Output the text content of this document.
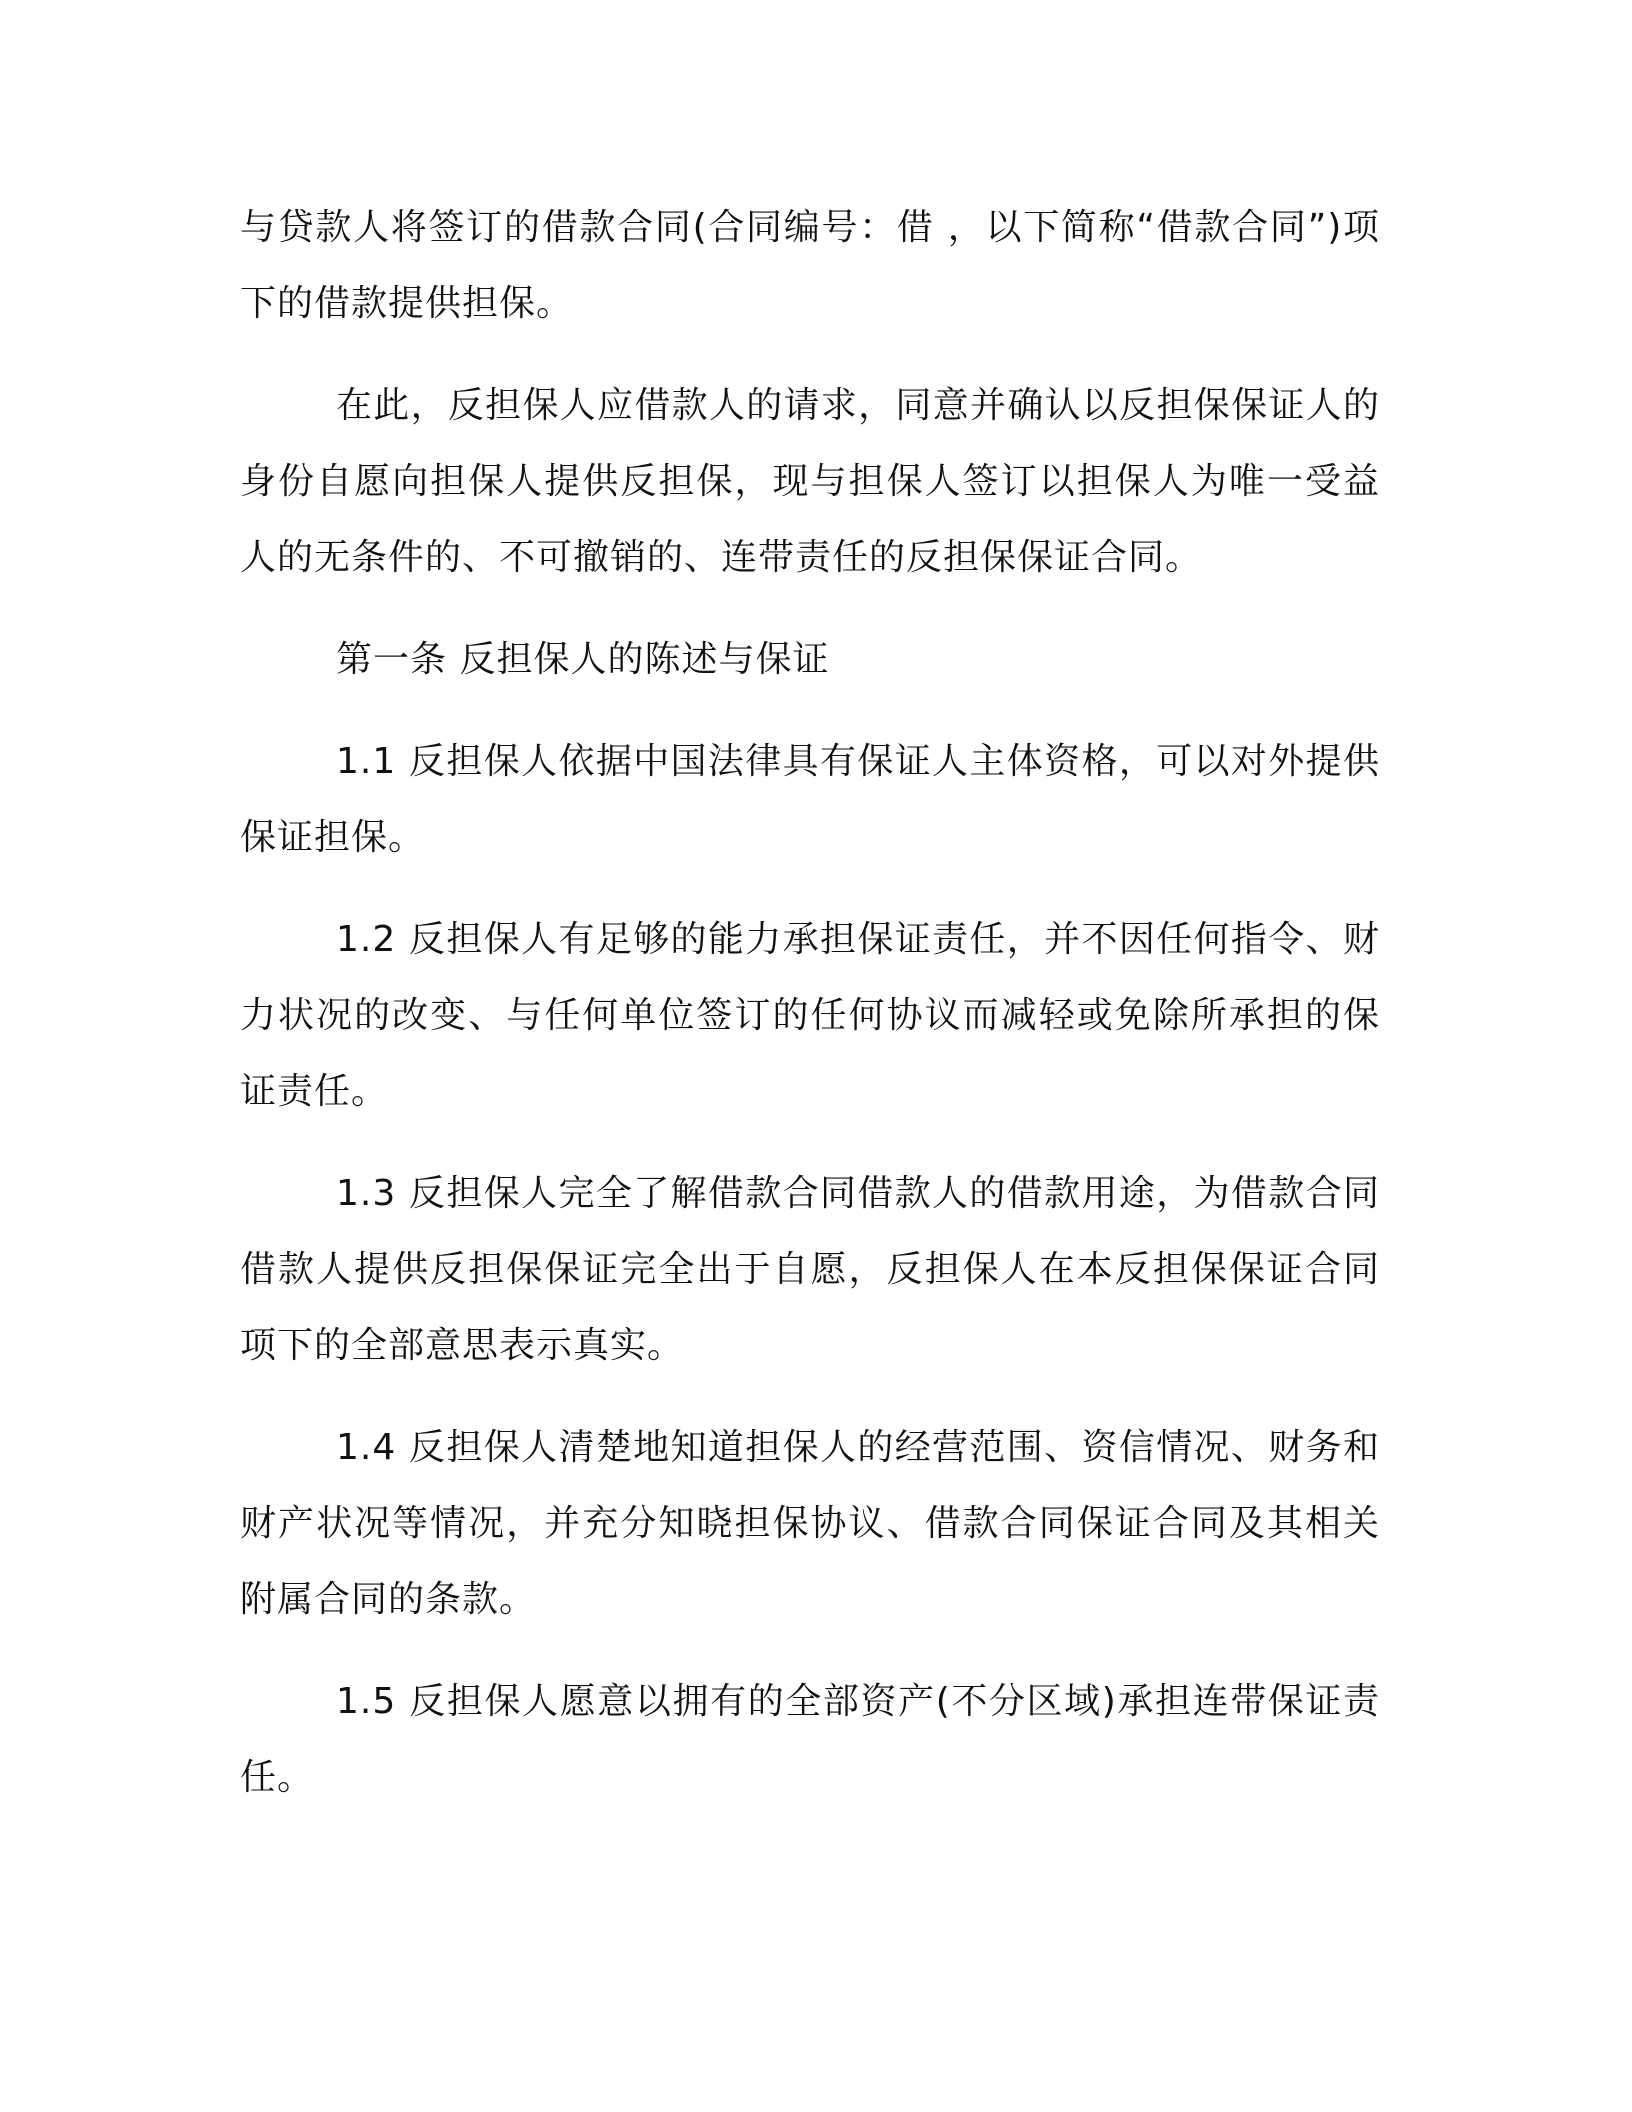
与贷款人将签订的借款合同(合同编号：借 ，以下简称“借款合同”)项下的借款提供担保。

在此，反担保人应借款人的请求，同意并确认以反担保保证人的身份自愿向担保人提供反担保，现与担保人签订以担保人为唯一受益人的无条件的、不可撤销的、连带责任的反担保保证合同。

第一条 反担保人的陈述与保证

1.1 反担保人依据中国法律具有保证人主体资格，可以对外提供保证担保。

1.2 反担保人有足够的能力承担保证责任，并不因任何指令、财力状况的改变、与任何单位签订的任何协议而减轻或免除所承担的保证责任。

1.3 反担保人完全了解借款合同借款人的借款用途，为借款合同借款人提供反担保保证完全出于自愿，反担保人在本反担保保证合同项下的全部意思表示真实。

1.4 反担保人清楚地知道担保人的经营范围、资信情况、财务和财产状况等情况，并充分知晓担保协议、借款合同保证合同及其相关附属合同的条款。

1.5 反担保人愿意以拥有的全部资产(不分区域)承担连带保证责任。
